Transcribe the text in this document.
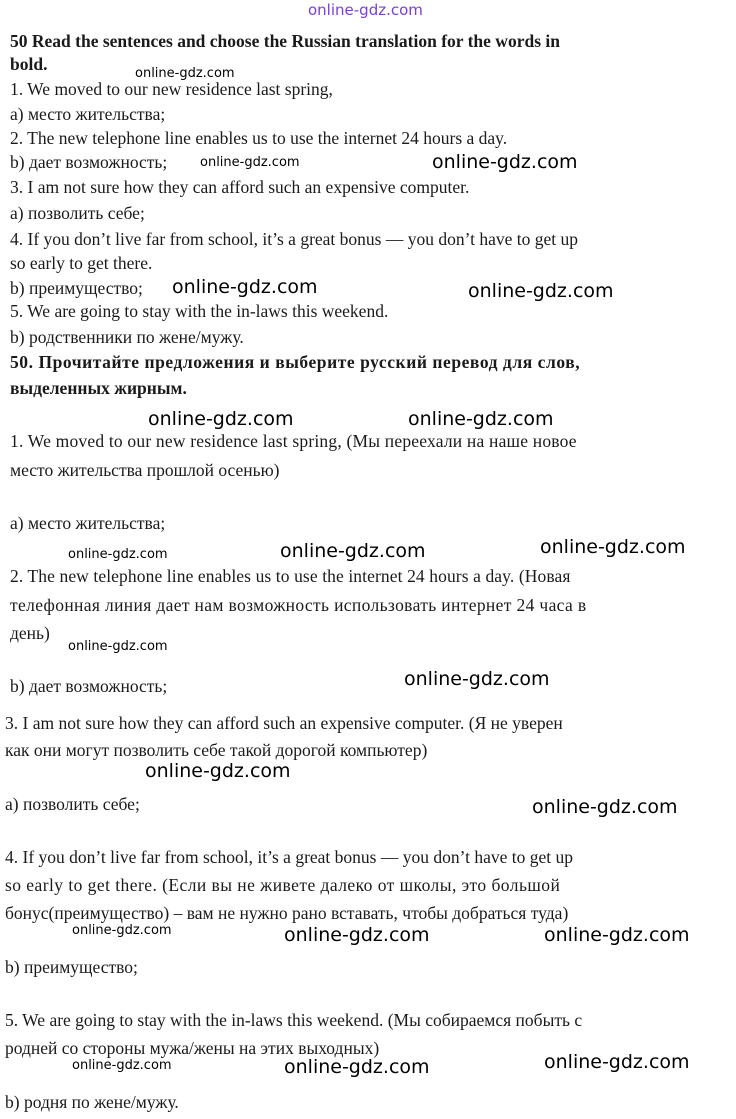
online-gdz.com
50 Read the sentences and choose the Russian translation for the words in
bold.
1. We moved to our new residence last spring,
a) место жительства;
2. The new telephone line enables us to use the internet 24 hours a day.
b) дает возможность;
3. I am not sure how they can afford such an expensive computer.
a) позволить себе;
4. If you don’t live far from school, it’s a great bonus — you don’t have to get up
so early to get there.
b) преимущество;
5. We are going to stay with the in-laws this weekend.
b) родственники по жене/мужу.
50. Прочитайте предложения и выберите русский перевод для слов,
выделенных жирным.
1. We moved to our new residence last spring, (Мы переехали на наше новое
место жительства прошлой осенью)
a) место жительства;
2. The new telephone line enables us to use the internet 24 hours a day. (Новая
телефонная линия дает нам возможность использовать интернет 24 часа в
день)
b) дает возможность;
3. I am not sure how they can afford such an expensive computer. (Я не уверен
как они могут позволить себе такой дорогой компьютер)
a) позволить себе;
4. If you don’t live far from school, it’s a great bonus — you don’t have to get up
so early to get there. (Если вы не живете далеко от школы, это большой
бонус(преимущество) – вам не нужно рано вставать, чтобы добраться туда)
b) преимущество;
5. We are going to stay with the in-laws this weekend. (Мы собираемся побыть с
родней со стороны мужа/жены на этих выходных)
b) родня по жене/мужу.
online-gdz.com
online-gdz.com
online-gdz.com
online-gdz.com
online-gdz.com
online-gdz.com
online-gdz.com
online-gdz.com	online-gdz.com
online-gdz.com	online-gdz.com
online-gdz.com	online-gdz.com
online-gdz.com
online-gdz.com
online-gdz.com
online-gdz.com	online-gdz.com
online-gdz.com
online-gdz.com
